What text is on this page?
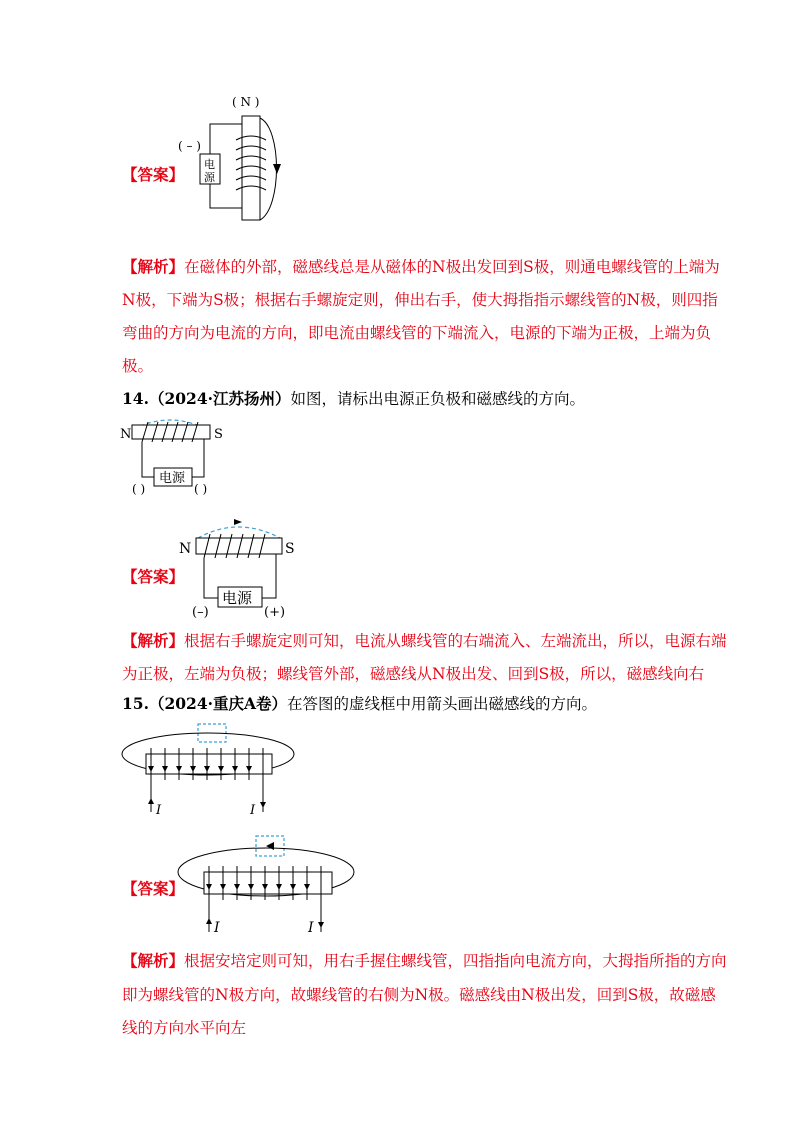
【答案】
( N )
( – )
电
源
【解析】在磁体的外部，磁感线总是从磁体的N极出发回到S极，则通电螺线管的上端为
N极，下端为S极；根据右手螺旋定则，伸出右手，使大拇指指示螺线管的N极，则四指
弯曲的方向为电流的方向，即电流由螺线管的下端流入，电源的下端为正极，上端为负
极。
14.（2024·江苏扬州）如图，请标出电源正负极和磁感线的方向。
N	S
电源
( )	( )
【答案】
N	S
电源
(–)	(+)
【解析】根据右手螺旋定则可知，电流从螺线管的右端流入、左端流出，所以，电源右端
为正极，左端为负极；螺线管外部，磁感线从N极出发、回到S极，所以，磁感线向右
15.（2024·重庆A卷）在答图的虚线框中用箭头画出磁感线的方向。
I	I
【答案】
I	I
【解析】根据安培定则可知，用右手握住螺线管，四指指向电流方向，大拇指所指的方向
即为螺线管的N极方向，故螺线管的右侧为N极。磁感线由N极出发，回到S极，故磁感
线的方向水平向左
